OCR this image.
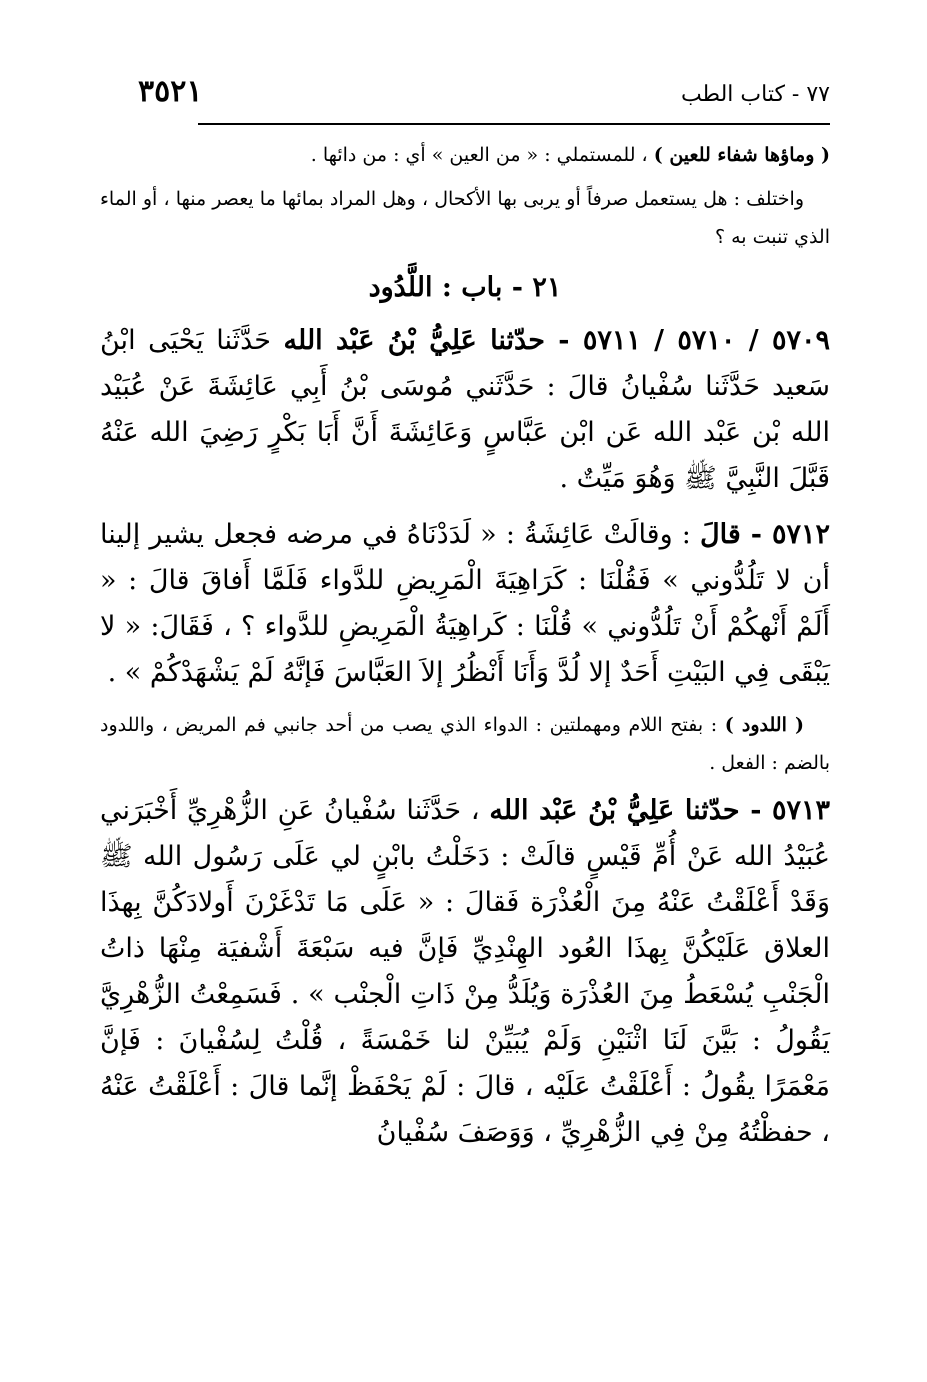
٧٧ - كتاب الطب
٣٥٢١

( وماؤها شفاء للعين ) ، للمستملي : « من العين » أي : من دائها .

واختلف : هل يستعمل صرفاً أو يربى بها الأكحال ، وهل المراد بمائها ما يعصر منها ، أو الماء الذي تنبت به ؟

٢١ - باب : اللَّدُود
٥٧٠٩ / ٥٧١٠ / ٥٧١١ - حدّثنا عَلِيُّ بْنُ عَبْد الله حَدَّثَنا يَحْيَى ابْنُ سَعيد حَدَّثَنا سُفْيانُ قالَ : حَدَّثَني مُوسَى بْنُ أَبِي عَائِشَةَ عَنْ عُبَيْد الله بْن عَبْد الله عَن ابْن عَبَّاسٍ وَعَائِشَةَ أَنَّ أَبَا بَكْرٍ رَضِيَ الله عَنْهُ قَبَّلَ النَّبِيَّ ﷺ وَهُوَ مَيِّتٌ .
٥٧١٢ - قالَ : وقالَتْ عَائِشَةُ : « لَدَدْنَاهُ في مرضه فجعل يشير إلينا أن لا تَلُدُّوني » فَقُلْنَا : كَرَاهِيَةَ الْمَرِيضِ للدَّواء فَلَمَّا أَفاقَ قالَ : « أَلَمْ أَنْهكُمْ أَنْ تَلُدُّوني » قُلْنَا : كَراهِيَةُ الْمَرِيضِ للدَّواء ؟ ، فَقَالَ: « لا يَبْقَى فِي البَيْتِ أَحَدٌ إلا لُدَّ وَأَنَا أَنْظُرُ إلاَ العَبَّاسَ فَإنَّهُ لَمْ يَشْهَدْكُمْ » .

( اللدود ) : بفتح اللام ومهملتين : الدواء الذي يصب من أحد جانبي فم المريض ، واللدود بالضم : الفعل .

٥٧١٣ - حدّثنا عَلِيُّ بْنُ عَبْد الله ، حَدَّثَنا سُفْيانُ عَنِ الزُّهْرِيِّ أَخْبَرَني عُبَيْدُ الله عَنْ أُمِّ قَيْسٍ قالَتْ : دَخَلْتُ بابْنٍ لي عَلَى رَسُول الله ﷺ وَقَدْ أَعْلَقْتُ عَنْهُ مِنَ الْعُذْرَة فَقالَ : « عَلَى مَا تَدْغَرْنَ أَولادَكُنَّ بِهذَا العلاق عَلَيْكُنَّ بِهذَا العُود الهِنْدِيِّ فَإنَّ فيه سَبْعَةَ أَشْفيَة مِنْهَا ذاتُ الْجَنْبِ يُسْعَطُ مِنَ العُذْرَة وَيُلَدُّ مِنْ ذَاتِ الْجنْب » . فَسَمِعْتُ الزُّهْرِيَّ يَقُولُ : بَيَّنَ لَنَا اثْنَيْنِ وَلَمْ يُبَيِّنْ لنا خَمْسَةً ، قُلْتُ لِسُفْيانَ : فَإنَّ مَعْمَرًا يقُولُ : أَعْلَقْتُ عَلَيْه ، قالَ : لَمْ يَحْفَظْ إنَّما قالَ : أَعْلَقْتُ عَنْهُ ، حفظْتُهُ مِنْ فِي الزُّهْرِيِّ ، وَوَصَفَ سُفْيانُ
